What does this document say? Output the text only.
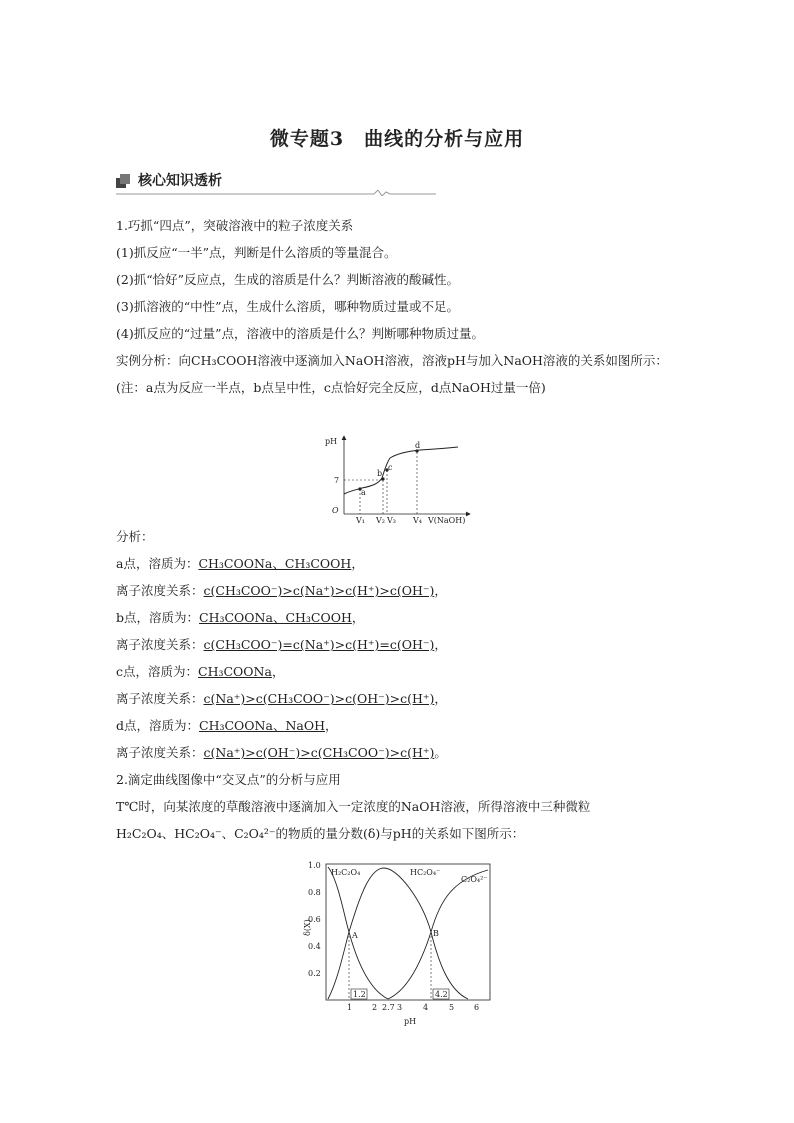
微专题3　曲线的分析与应用
核心知识透析
1.巧抓“四点”，突破溶液中的粒子浓度关系
(1)抓反应“一半”点，判断是什么溶质的等量混合。
(2)抓“恰好”反应点，生成的溶质是什么？判断溶液的酸碱性。
(3)抓溶液的“中性”点，生成什么溶质，哪种物质过量或不足。
(4)抓反应的“过量”点，溶液中的溶质是什么？判断哪种物质过量。
实例分析：向CH₃COOH溶液中逐滴加入NaOH溶液，溶液pH与加入NaOH溶液的关系如图所示：
(注：a点为反应一半点，b点呈中性，c点恰好完全反应，d点NaOH过量一倍)
pH
7
O
a
b
c
d
V₁ V₂ V₃ V₄ V(NaOH)
分析：
a点，溶质为：CH₃COONa、CH₃COOH，
离子浓度关系：c(CH₃COO⁻)>c(Na⁺)>c(H⁺)>c(OH⁻)，
b点，溶质为：CH₃COONa、CH₃COOH，
离子浓度关系：c(CH₃COO⁻)=c(Na⁺)>c(H⁺)=c(OH⁻)，
c点，溶质为：CH₃COONa，
离子浓度关系：c(Na⁺)>c(CH₃COO⁻)>c(OH⁻)>c(H⁺)，
d点，溶质为：CH₃COONa、NaOH，
离子浓度关系：c(Na⁺)>c(OH⁻)>c(CH₃COO⁻)>c(H⁺)。
2.滴定曲线图像中“交叉点”的分析与应用
T℃时，向某浓度的草酸溶液中逐滴加入一定浓度的NaOH溶液，所得溶液中三种微粒
H₂C₂O₄、HC₂O₄⁻、C₂O₄²⁻的物质的量分数(δ)与pH的关系如下图所示：
δ(X)
1.0
0.8
0.6
0.4
0.2
1 2 2.7 3	4	5 6
pH
1.2	4.2
H₂C₂O₄	HC₂O₄⁻
C₂O₄²⁻
A	B
